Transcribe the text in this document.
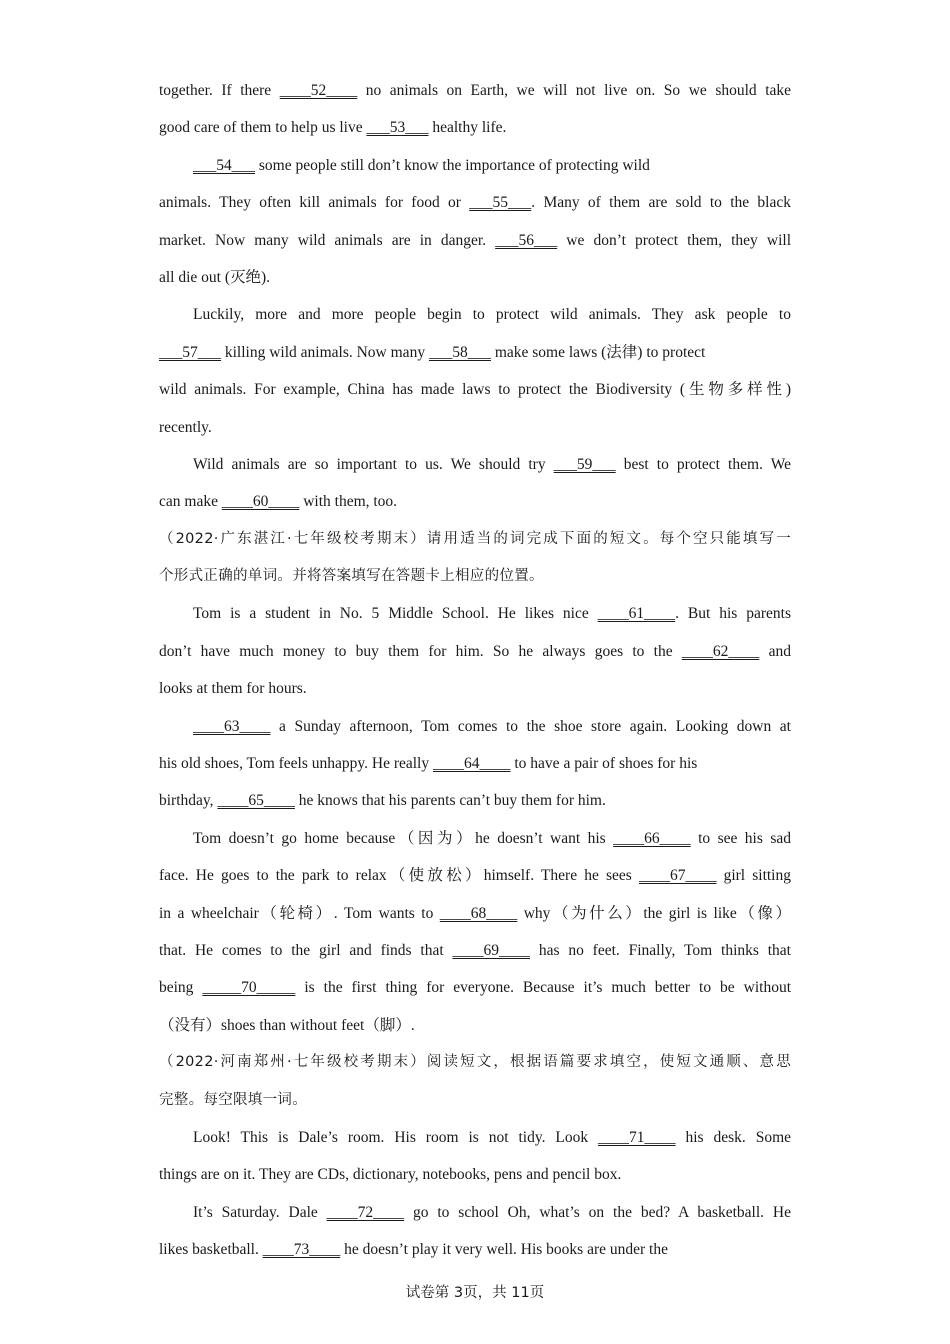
together. If there ____52____ no animals on Earth, we will not live on. So we should take
good care of them to help us live ___53___ healthy life.
___54___ some people still don’t know the importance of protecting wild
animals. They often kill animals for food or ___55___. Many of them are sold to the black
market. Now many wild animals are in danger. ___56___ we don’t protect them, they will
all die out (灭绝).
Luckily, more and more people begin to protect wild animals. They ask people to
___57___ killing wild animals. Now many ___58___ make some laws (法律) to protect
wild animals. For example, China has made laws to protect the Biodiversity (生物多样性)
recently.
Wild animals are so important to us. We should try ___59___ best to protect them. We
can make ____60____ with them, too.
（2022·广东湛江·七年级校考期末）请用适当的词完成下面的短文。每个空只能填写一
个形式正确的单词。并将答案填写在答题卡上相应的位置。
Tom is a student in No. 5 Middle School. He likes nice ____61____. But his parents
don’t have much money to buy them for him. So he always goes to the ____62____ and
looks at them for hours.
____63____ a Sunday afternoon, Tom comes to the shoe store again. Looking down at
his old shoes, Tom feels unhappy. He really ____64____ to have a pair of shoes for his
birthday, ____65____ he knows that his parents can’t buy them for him.
Tom doesn’t go home because（因为）he doesn’t want his ____66____ to see his sad
face. He goes to the park to relax（使放松）himself. There he sees ____67____ girl sitting
in a wheelchair（轮椅）. Tom wants to ____68____ why（为什么）the girl is like（像）
that. He comes to the girl and finds that ____69____ has no feet. Finally, Tom thinks that
being _____70_____ is the first thing for everyone. Because it’s much better to be without
（没有）shoes than without feet（脚）.
（2022·河南郑州·七年级校考期末）阅读短文，根据语篇要求填空，使短文通顺、意思
完整。每空限填一词。
Look! This is Dale’s room. His room is not tidy. Look ____71____ his desk. Some
things are on it. They are CDs, dictionary, notebooks, pens and pencil box.
It’s Saturday. Dale ____72____ go to school Oh, what’s on the bed? A basketball. He
likes basketball. ____73____ he doesn’t play it very well. His books are under the
试卷第 3页，共 11页
